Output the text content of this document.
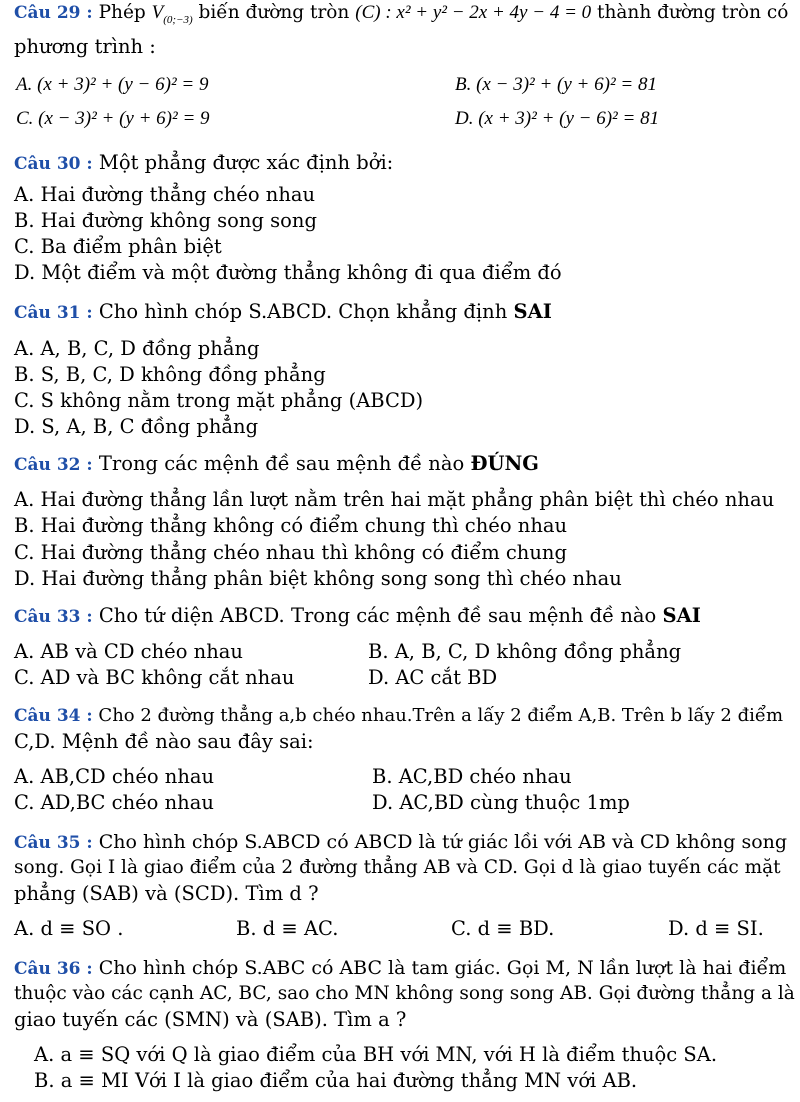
Câu 29 : Phép $V_{(0;-3)}$ biến đường tròn (C) : x² + y² − 2x + 4y − 4 = 0 thành đường tròn có
phương trình :
A. (x + 3)² + (y − 6)² = 9	B. (x − 3)² + (y + 6)² = 81
C. (x − 3)² + (y + 6)² = 9	D. (x + 3)² + (y − 6)² = 81
Câu 30 : Một phẳng được xác định bởi:
A. Hai đường thẳng chéo nhau
B. Hai đường không song song
C. Ba điểm phân biệt
D. Một điểm và một đường thẳng không đi qua điểm đó
Câu 31 : Cho hình chóp S.ABCD. Chọn khẳng định SAI
A. A, B, C, D đồng phẳng
B. S, B, C, D không đồng phẳng
C. S không nằm trong mặt phẳng (ABCD)
D. S, A, B, C đồng phẳng
Câu 32 : Trong các mệnh đề sau mệnh đề nào ĐÚNG
A. Hai đường thẳng lần lượt nằm trên hai mặt phẳng phân biệt thì chéo nhau
B. Hai đường thẳng không có điểm chung thì chéo nhau
C. Hai đường thẳng chéo nhau thì không có điểm chung
D. Hai đường thẳng phân biệt không song song thì chéo nhau
Câu 33 : Cho tứ diện ABCD. Trong các mệnh đề sau mệnh đề nào SAI
A. AB và CD chéo nhau	B. A, B, C, D không đồng phẳng
C. AD và BC không cắt nhau	D. AC cắt BD
Câu 34 : Cho 2 đường thẳng a,b chéo nhau.Trên a lấy 2 điểm A,B. Trên b lấy 2 điểm
C,D. Mệnh đề nào sau đây sai:
A. AB,CD chéo nhau	B. AC,BD chéo nhau
C. AD,BC chéo nhau	D. AC,BD cùng thuộc 1mp
Câu 35 : Cho hình chóp S.ABCD có ABCD là tứ giác lồi với AB và CD không song
song. Gọi I là giao điểm của 2 đường thẳng AB và CD. Gọi d là giao tuyến các mặt
phẳng (SAB) và (SCD). Tìm d ?
A. d ≡ SO .	B. d ≡ AC.	C. d ≡ BD.	D. d ≡ SI.
Câu 36 : Cho hình chóp S.ABC có ABC là tam giác. Gọi M, N lần lượt là hai điểm
thuộc vào các cạnh AC, BC, sao cho MN không song song AB. Gọi đường thẳng a là
giao tuyến các (SMN) và (SAB). Tìm a ?
A. a ≡ SQ với Q là giao điểm của BH với MN, với H là điểm thuộc SA.
B. a ≡ MI Với I là giao điểm của hai đường thẳng MN với AB.
